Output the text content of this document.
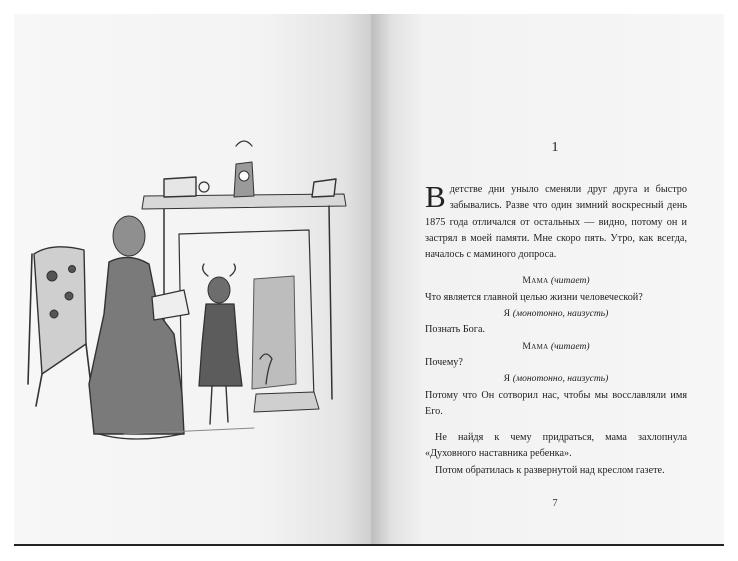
1

В детстве дни уныло сменяли друг друга и быстро забывались. Разве что один зимний воскресный день 1875 года отличался от остальных — видно, потому он и застрял в моей памяти. Мне скоро пять. Утро, как всегда, началось с маминого допроса.

Мама (читает)

Что является главной целью жизни человеческой?

Я (монотонно, наизусть)

Познать Бога.

Мама (читает)

Почему?

Я (монотонно, наизусть)

Потому что Он сотворил нас, чтобы мы восславляли имя Его.

Не найдя к чему придраться, мама захлопнула «Духовного наставника ребенка».

Потом обратилась к развернутой над креслом газете.

7
